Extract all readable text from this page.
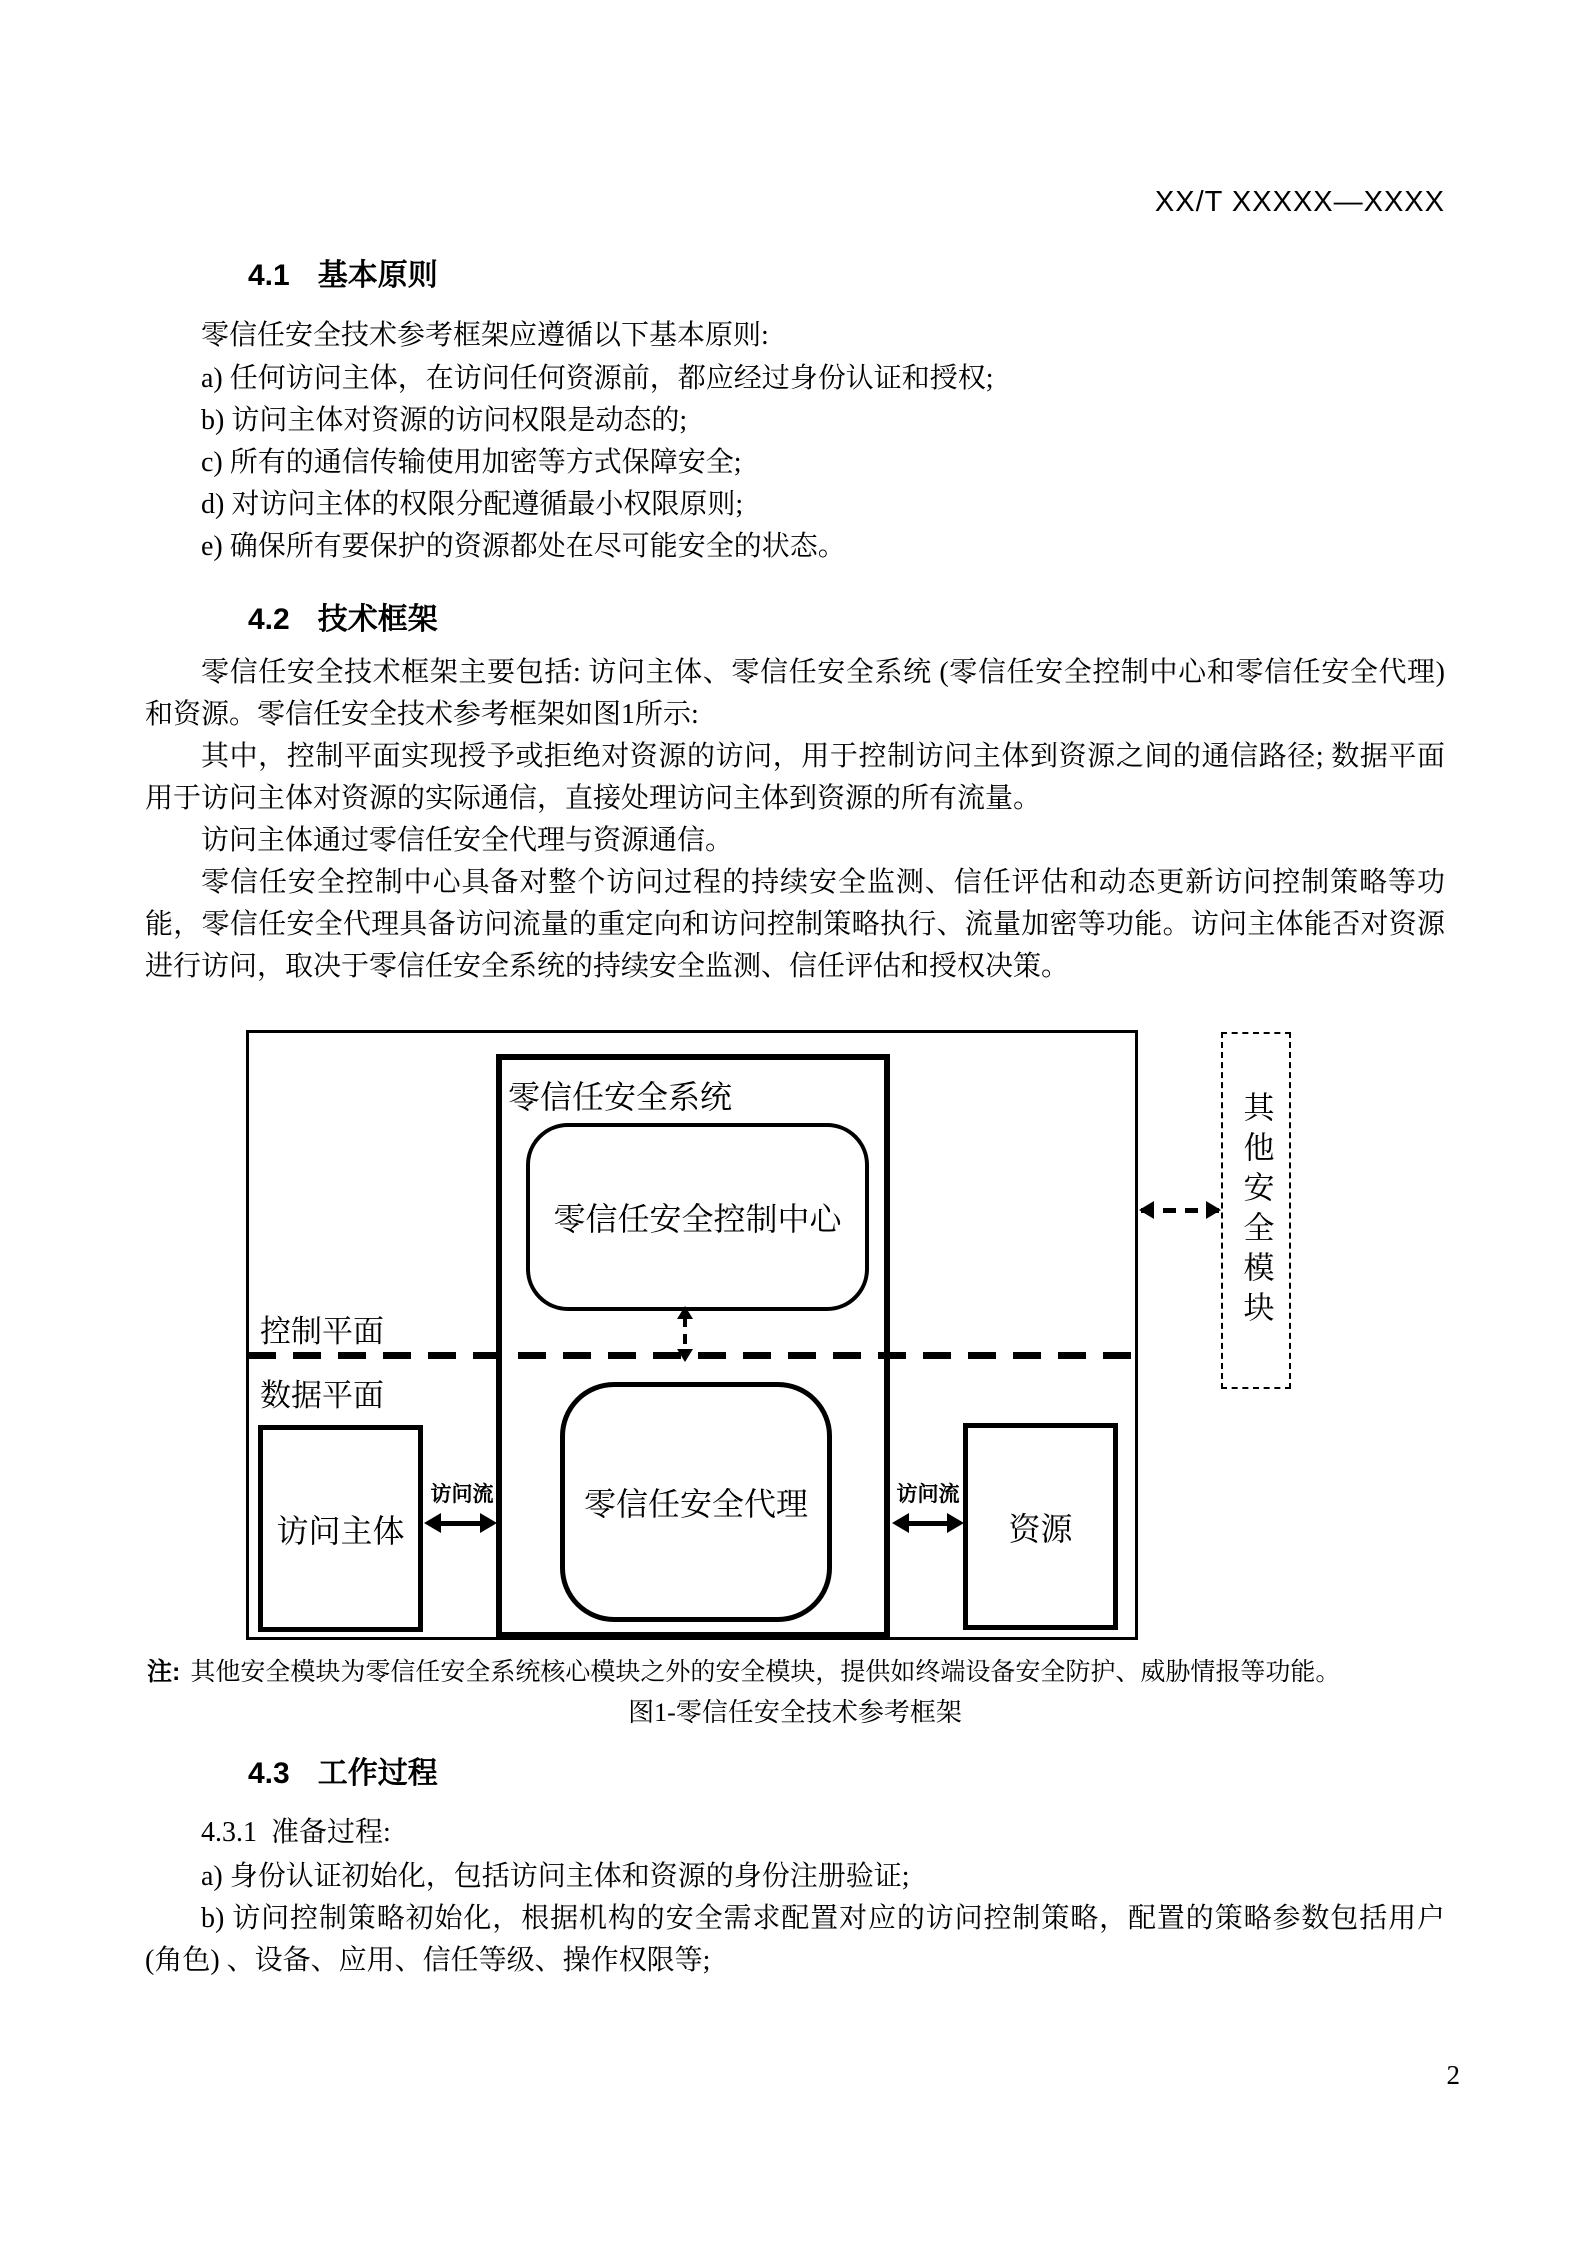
XX/T XXXXX—XXXX
4.1 基本原则

零信任安全技术参考框架应遵循以下基本原则:

a) 任何访问主体，在访问任何资源前，都应经过身份认证和授权;

b) 访问主体对资源的访问权限是动态的;

c) 所有的通信传输使用加密等方式保障安全;

d) 对访问主体的权限分配遵循最小权限原则;

e) 确保所有要保护的资源都处在尽可能安全的状态。

4.2 技术框架

零信任安全技术框架主要包括: 访问主体、零信任安全系统 (零信任安全控制中心和零信任安全代理) 和资源。零信任安全技术参考框架如图1所示:

其中，控制平面实现授予或拒绝对资源的访问，用于控制访问主体到资源之间的通信路径; 数据平面用于访问主体对资源的实际通信，直接处理访问主体到资源的所有流量。

访问主体通过零信任安全代理与资源通信。

零信任安全控制中心具备对整个访问过程的持续安全监测、信任评估和动态更新访问控制策略等功能，零信任安全代理具备访问流量的重定向和访问控制策略执行、流量加密等功能。访问主体能否对资源进行访问，取决于零信任安全系统的持续安全监测、信任评估和授权决策。

零信任安全系统
零信任安全控制中心
控制平面
数据平面
零信任安全代理
访问主体	资源
访问流	访问流
其他安全模块
注: 其他安全模块为零信任安全系统核心模块之外的安全模块，提供如终端设备安全防护、威胁情报等功能。
图1-零信任安全技术参考框架
4.3 工作过程

4.3.1 准备过程:

a) 身份认证初始化，包括访问主体和资源的身份注册验证;

b) 访问控制策略初始化，根据机构的安全需求配置对应的访问控制策略，配置的策略参数包括用户 (角色) 、设备、应用、信任等级、操作权限等;

2
